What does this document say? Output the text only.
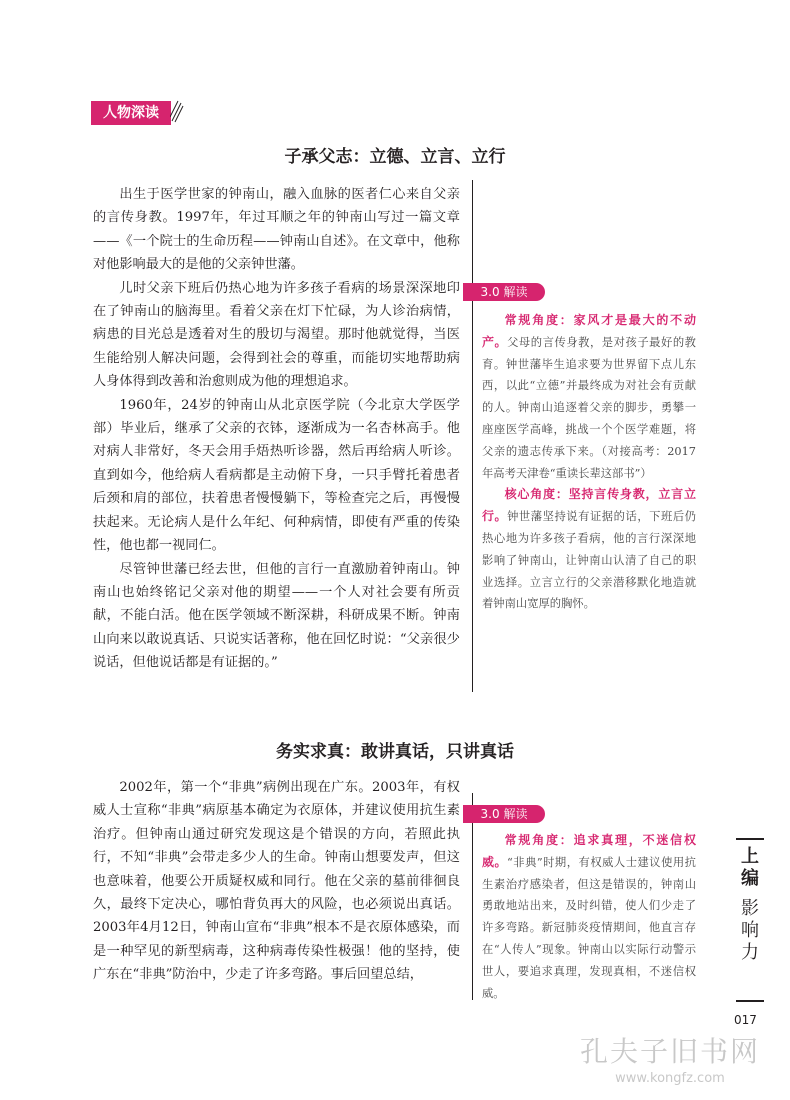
人物深读
子承父志：立德、立言、立行

出生于医学世家的钟南山，融入血脉的医者仁心来自父亲的言传身教。1997年，年过耳顺之年的钟南山写过一篇文章——《一个院士的生命历程——钟南山自述》。在文章中，他称对他影响最大的是他的父亲钟世藩。

儿时父亲下班后仍热心地为许多孩子看病的场景深深地印在了钟南山的脑海里。看着父亲在灯下忙碌，为人诊治病情，病患的目光总是透着对生的殷切与渴望。那时他就觉得，当医生能给别人解决问题，会得到社会的尊重，而能切实地帮助病人身体得到改善和治愈则成为他的理想追求。

1960年，24岁的钟南山从北京医学院（今北京大学医学部）毕业后，继承了父亲的衣钵，逐渐成为一名杏林高手。他对病人非常好，冬天会用手焐热听诊器，然后再给病人听诊。直到如今，他给病人看病都是主动俯下身，一只手臂托着患者后颈和肩的部位，扶着患者慢慢躺下，等检查完之后，再慢慢扶起来。无论病人是什么年纪、何种病情，即使有严重的传染性，他也都一视同仁。

尽管钟世藩已经去世，但他的言行一直激励着钟南山。钟南山也始终铭记父亲对他的期望——一个人对社会要有所贡献，不能白活。他在医学领域不断深耕，科研成果不断。钟南山向来以敢说真话、只说实话著称，他在回忆时说：“父亲很少说话，但他说话都是有证据的。”

3.0 解读

常规角度：家风才是最大的不动产。父母的言传身教，是对孩子最好的教育。钟世藩毕生追求要为世界留下点儿东西，以此“立德”并最终成为对社会有贡献的人。钟南山追逐着父亲的脚步，勇攀一座座医学高峰，挑战一个个医学难题，将父亲的遗志传承下来。（对接高考：2017年高考天津卷“重读长辈这部书”）

核心角度：坚持言传身教，立言立行。钟世藩坚持说有证据的话，下班后仍热心地为许多孩子看病，他的言行深深地影响了钟南山，让钟南山认清了自己的职业选择。立言立行的父亲潜移默化地造就着钟南山宽厚的胸怀。

务实求真：敢讲真话，只讲真话

2002年，第一个“非典”病例出现在广东。2003年，有权威人士宣称“非典”病原基本确定为衣原体，并建议使用抗生素治疗。但钟南山通过研究发现这是个错误的方向，若照此执行，不知“非典”会带走多少人的生命。钟南山想要发声，但这也意味着，他要公开质疑权威和同行。他在父亲的墓前徘徊良久，最终下定决心，哪怕背负再大的风险，也必须说出真话。2003年4月12日，钟南山宣布“非典”根本不是衣原体感染，而是一种罕见的新型病毒，这种病毒传染性极强！他的坚持，使广东在“非典”防治中，少走了许多弯路。事后回望总结，

3.0 解读

常规角度：追求真理，不迷信权威。“非典”时期，有权威人士建议使用抗生素治疗感染者，但这是错误的，钟南山勇敢地站出来，及时纠错，使人们少走了许多弯路。新冠肺炎疫情期间，他直言存在“人传人”现象。钟南山以实际行动警示世人，要追求真理，发现真相，不迷信权威。

上编
影响力
017
孔夫子旧书网
www.kongfz.com
